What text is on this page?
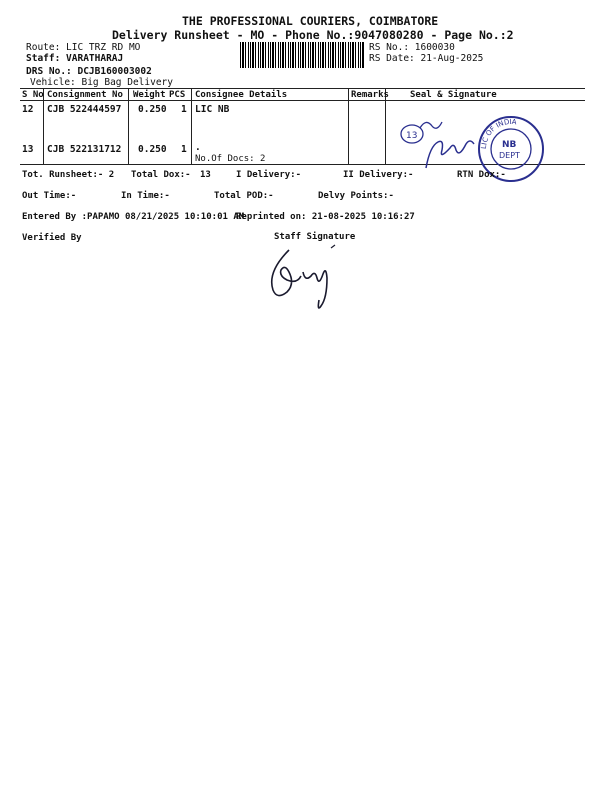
THE PROFESSIONAL COURIERS, COIMBATORE
Delivery Runsheet - MO - Phone No.:9047080280 - Page No.:2
Route: LIC TRZ RD MO
Staff: VARATHARAJ
DRS No.: DCJB160003002
Vehicle: Big Bag Delivery
RS No.: 1600030
RS Date: 21-Aug-2025
S No Consignment No Weight PCS Consignee Details	Remarks Seal & Signature
12 CJB 522444597 0.250 1 LIC NB
13 CJB 522131712 0.250 1 .
No.Of Docs: 2
13
LIC OF INDIA
NB
DEPT
Tot. Runsheet:- 2 Total Dox:- 13	I Delivery:-	II Delivery:-	RTN Dox:-
Out Time:-	In Time:-	Total POD:-	Delvy Points:-
Entered By :PAPAMO 08/21/2025 10:10:01 AM
Reprinted on: 21-08-2025 10:16:27
Verified By	Staff Signature
